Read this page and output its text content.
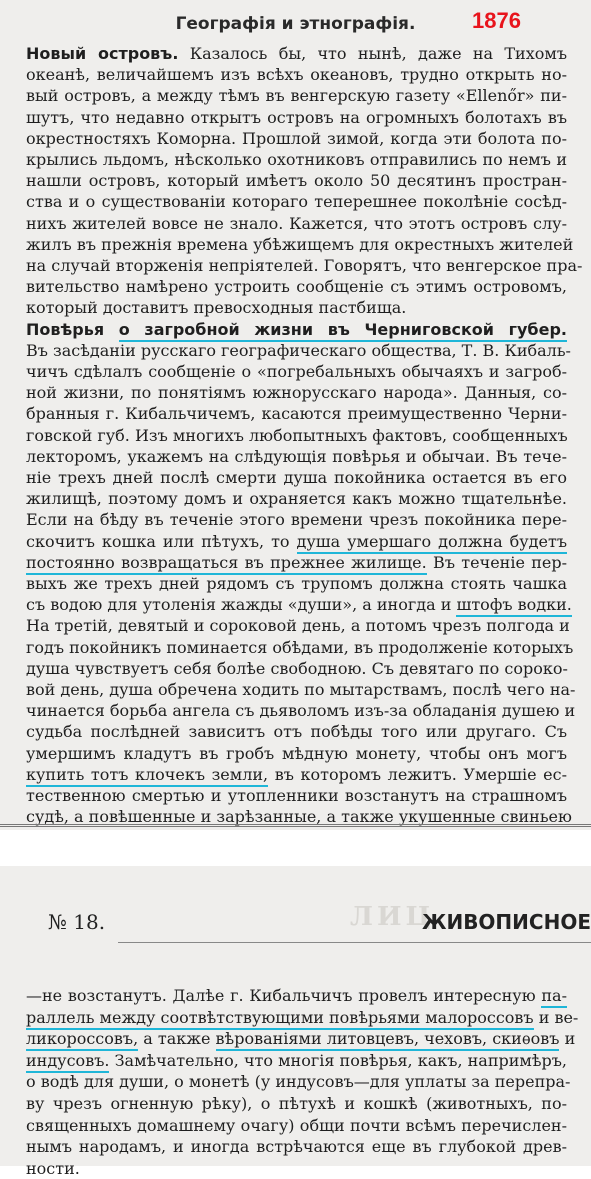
Географія и этнографія.	1876
Новый островъ. Казалось бы, что нынѣ, даже на Тихомъ
океанѣ, величайшемъ изъ всѣхъ океановъ, трудно открыть но-
вый островъ, а между тѣмъ въ венгерскую газету «Ellenőr» пи-
шутъ, что недавно открытъ островъ на огромныхъ болотахъ въ
окрестностяхъ Коморна. Прошлой зимой, когда эти болота по-
крылись льдомъ, нѣсколько охотниковъ отправились по немъ и
нашли островъ, который имѣетъ около 50 десятинъ простран-
ства и о существованіи котораго теперешнее поколѣніе сосѣд-
нихъ жителей вовсе не знало. Кажется, что этотъ островъ слу-
жилъ въ прежнія времена убѣжищемъ для окрестныхъ жителей
на случай вторженія непріятелей. Говорятъ, что венгерское пра-
вительство намѣрено устроить сообщеніе съ этимъ островомъ,
который доставитъ превосходныя пастбища.
Повѣрья о загробной жизни въ Черниговской губер.
Въ засѣданіи русскаго географическаго общества, Т. В. Кибаль-
чичъ сдѣлалъ сообщеніе о «погребальныхъ обычаяхъ и загроб-
ной жизни, по понятіямъ южнорусскаго народа». Данныя, со-
бранныя г. Кибальчичемъ, касаются преимущественно Черни-
говской губ. Изъ многихъ любопытныхъ фактовъ, сообщенныхъ
лекторомъ, укажемъ на слѣдующія повѣрья и обычаи. Въ тече-
ніе трехъ дней послѣ смерти душа покойника остается въ его
жилищѣ, поэтому домъ и охраняется какъ можно тщательнѣе.
Если на бѣду въ теченіе этого времени чрезъ покойника пере-
скочитъ кошка или пѣтухъ, то душа умершаго должна будетъ
постоянно возвращаться въ прежнее жилище. Въ теченіе пер-
выхъ же трехъ дней рядомъ съ трупомъ должна стоять чашка
съ водою для утоленія жажды «души», а иногда и штофъ водки.
На третій, девятый и сороковой день, а потомъ чрезъ полгода и
годъ покойникъ поминается обѣдами, въ продолженіе которыхъ
душа чувствуетъ себя болѣе свободною. Съ девятаго по сороко-
вой день, душа обречена ходить по мытарствамъ, послѣ чего на-
чинается борьба ангела съ дьяволомъ изъ-за обладанія душею и
судьба послѣдней зависитъ отъ побѣды того или другаго. Съ
умершимъ кладутъ въ гробъ мѣдную монету, чтобы онъ могъ
купить тотъ клочекъ земли, въ которомъ лежитъ. Умершіе ес-
тественною смертью и утопленники возстанутъ на страшномъ
судѣ, а повѣшенные и зарѣзанные, а также укушенные свиньею
ЛИЦ
№ 18.	ЖИВОПИСНОЕ
—не возстанутъ. Далѣе г. Кибальчичъ провелъ интересную па-
раллель между соотвѣтствующими повѣрьями малороссовъ и ве-
ликороссовъ, а также вѣрованіями литовцевъ, чеховъ, скиѳовъ и
индусовъ. Замѣчательно, что многія повѣрья, какъ, напримѣръ,
о водѣ для души, о монетѣ (у индусовъ—для уплаты за перепра-
ву чрезъ огненную рѣку), о пѣтухѣ и кошкѣ (животныхъ, по-
священныхъ домашнему очагу) общи почти всѣмъ перечислен-
нымъ народамъ, и иногда встрѣчаются еще въ глубокой древ-
ности.
